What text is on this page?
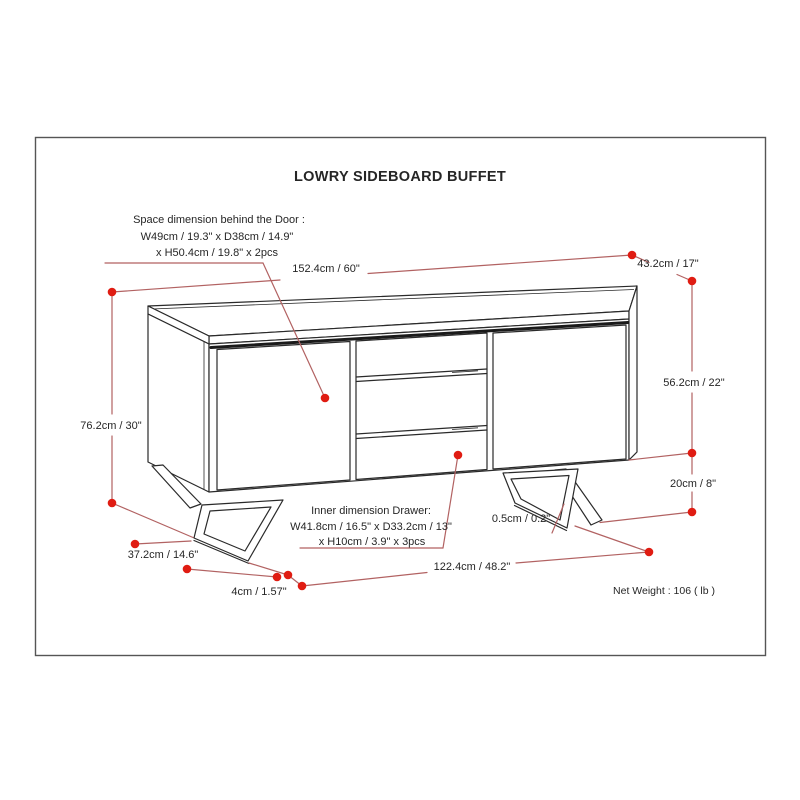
LOWRY SIDEBOARD BUFFET
Space dimension behind the Door :
W49cm / 19.3" x D38cm / 14.9"
x H50.4cm / 19.8" x 2pcs
152.4cm / 60"	43.2cm / 17"
76.2cm / 30"
56.2cm / 22"
20cm / 8"
Inner dimension Drawer:
W41.8cm / 16.5" x D33.2cm / 13"
x H10cm / 3.9" x 3pcs
0.5cm / 0.2"
37.2cm / 14.6"
4cm / 1.57"
122.4cm / 48.2"
Net Weight : 106 ( lb )
